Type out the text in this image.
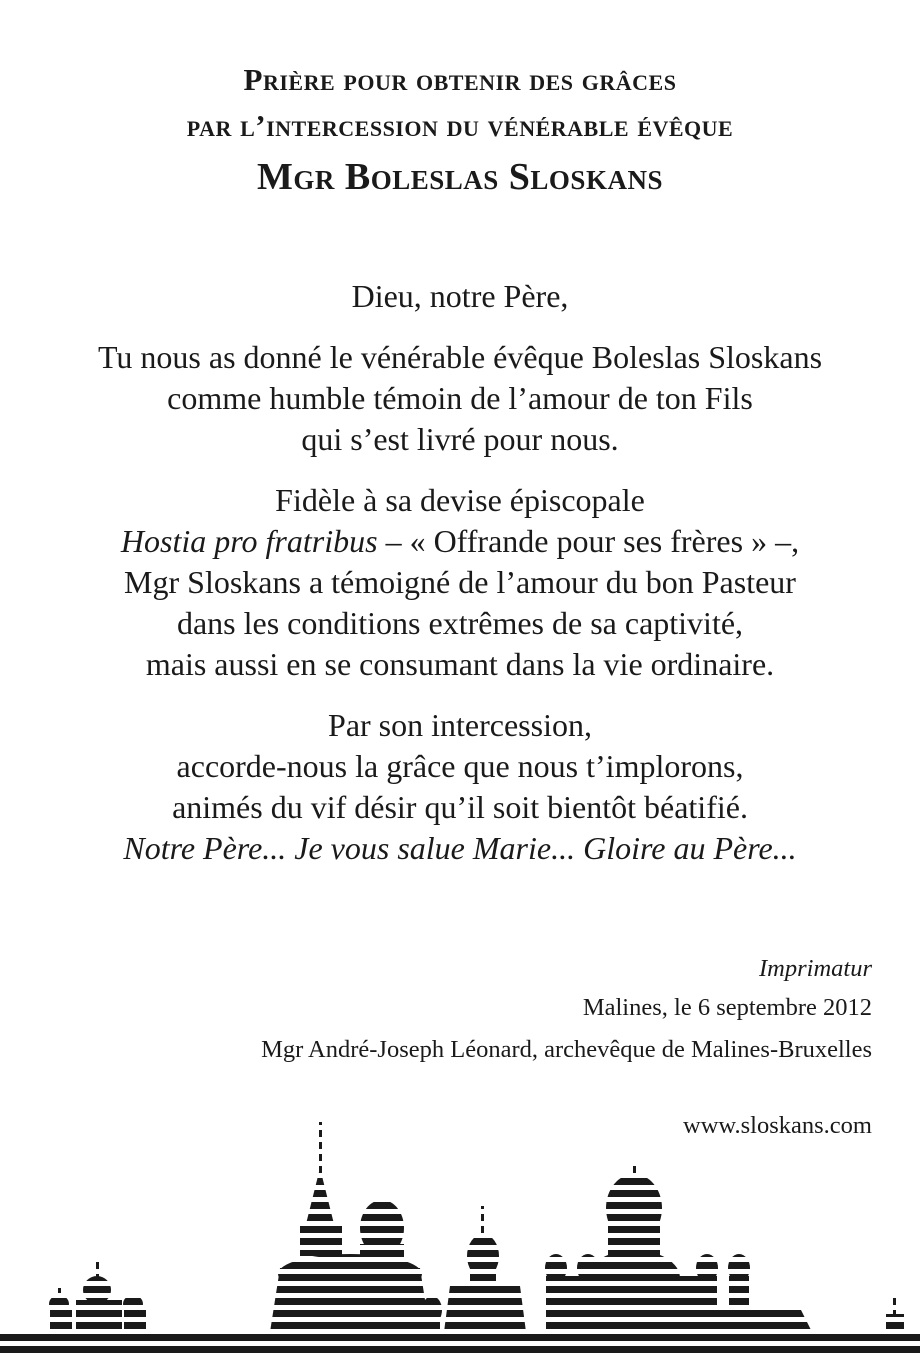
Prière pour obtenir des grâces
par l’intercession du vénérable évêque
Mgr Boleslas Sloskans

Dieu, notre Père,

Tu nous as donné le vénérable évêque Boleslas Sloskans

comme humble témoin de l’amour de ton Fils

qui s’est livré pour nous.

Fidèle à sa devise épiscopale

Hostia pro fratribus – « Offrande pour ses frères » –,

Mgr Sloskans a témoigné de l’amour du bon Pasteur

dans les conditions extrêmes de sa captivité,

mais aussi en se consumant dans la vie ordinaire.

Par son intercession,

accorde-nous la grâce que nous t’implorons,

animés du vif désir qu’il soit bientôt béatifié.

Notre Père... Je vous salue Marie... Gloire au Père...

Imprimatur
Malines, le 6 septembre 2012
Mgr André-Joseph Léonard, archevêque de Malines-Bruxelles
www.sloskans.com
